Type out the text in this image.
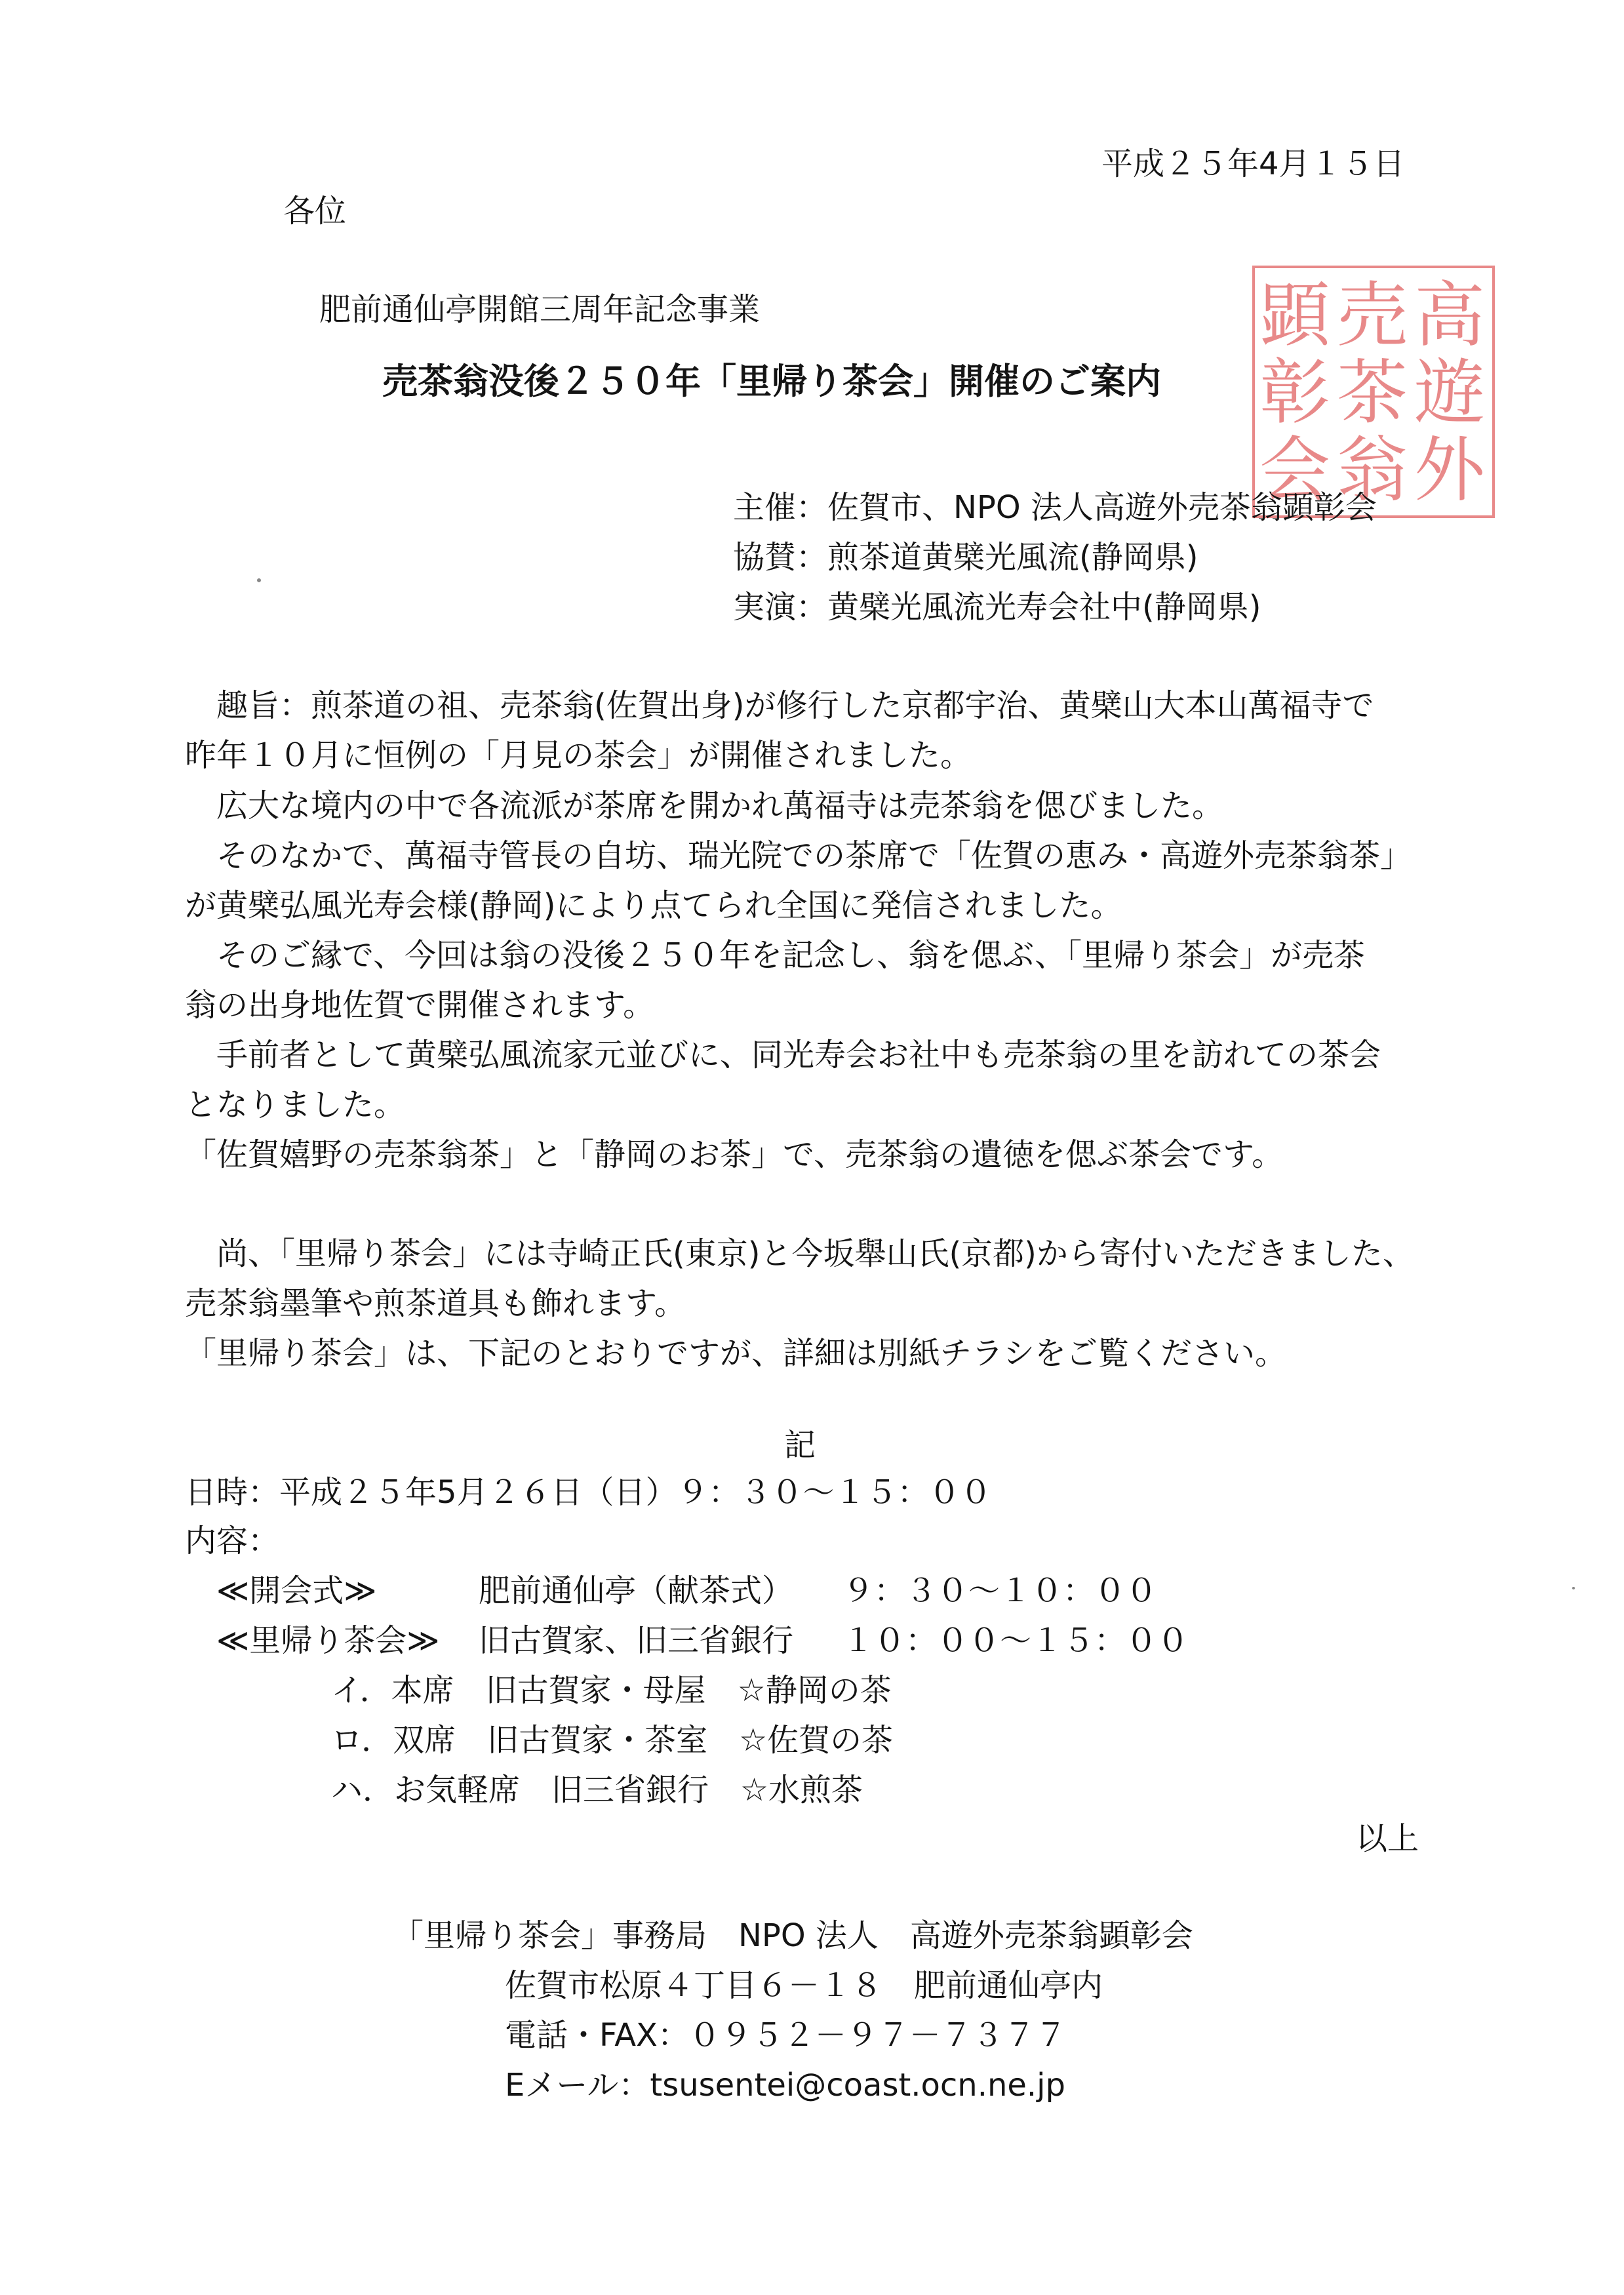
平成２５年4月１５日
各位
肥前通仙亭開館三周年記念事業
売茶翁没後２５０年「里帰り茶会」開催のご案内
高
遊
外
売
茶
翁
顕
彰
会
主催：佐賀市、NPO 法人高遊外売茶翁顕彰会
協賛：煎茶道黄檗光風流(静岡県)
実演：黄檗光風流光寿会社中(静岡県)
　趣旨：煎茶道の祖、売茶翁(佐賀出身)が修行した京都宇治、黄檗山大本山萬福寺で
昨年１０月に恒例の「月見の茶会」が開催されました。
　広大な境内の中で各流派が茶席を開かれ萬福寺は売茶翁を偲びました。
　そのなかで、萬福寺管長の自坊、瑞光院での茶席で「佐賀の恵み・高遊外売茶翁茶」
が黄檗弘風光寿会様(静岡)により点てられ全国に発信されました。
　そのご縁で、今回は翁の没後２５０年を記念し、翁を偲ぶ、「里帰り茶会」が売茶
翁の出身地佐賀で開催されます。
　手前者として黄檗弘風流家元並びに、同光寿会お社中も売茶翁の里を訪れての茶会
となりました。
「佐賀嬉野の売茶翁茶」と「静岡のお茶」で、売茶翁の遺徳を偲ぶ茶会です。
　尚、「里帰り茶会」には寺崎正氏(東京)と今坂舉山氏(京都)から寄付いただきました、
売茶翁墨筆や煎茶道具も飾れます。
「里帰り茶会」は、下記のとおりですが、詳細は別紙チラシをご覧ください。
記
日時：平成２５年5月２６日（日）９：３０～１５：００
内容：
≪開会式≫	肥前通仙亭（献茶式） ９：３０～１０：００
≪里帰り茶会≫ 旧古賀家、旧三省銀行 １０：００～１５：００
イ．本席　旧古賀家・母屋　☆静岡の茶
ロ．双席　旧古賀家・茶室　☆佐賀の茶
ハ．お気軽席　旧三省銀行　☆水煎茶
以上
「里帰り茶会」事務局　NPO 法人　高遊外売茶翁顕彰会
佐賀市松原４丁目６－１８　肥前通仙亭内
電話・FAX：０９５２－９７－７３７７
Eメール：tsusentei@coast.ocn.ne.jp
